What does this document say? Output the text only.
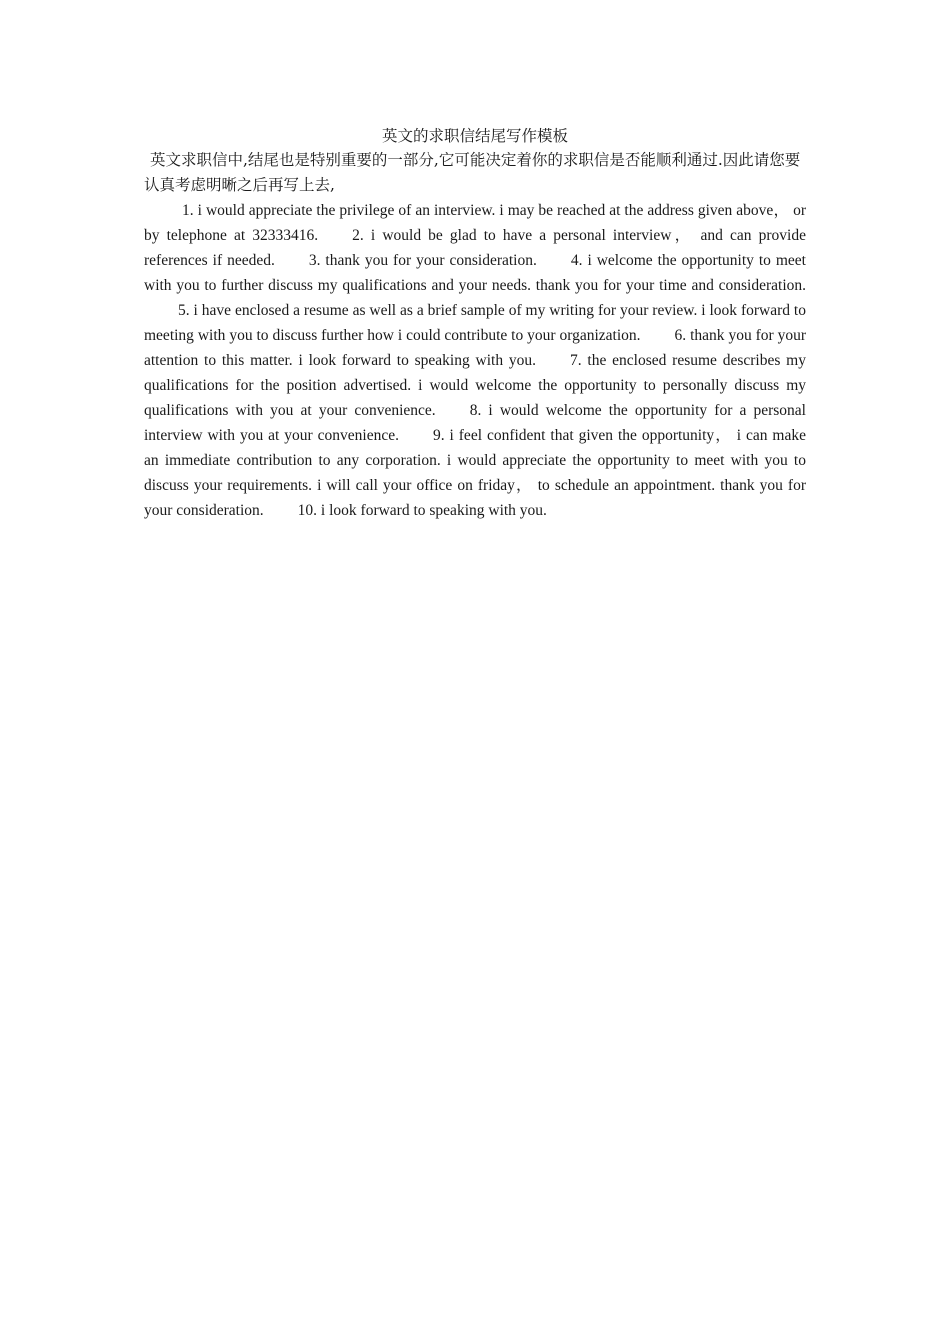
英文的求职信结尾写作模板

英文求职信中,结尾也是特别重要的一部分,它可能决定着你的求职信是否能顺利通过.因此请您要认真考虑明晰之后再写上去,

1. i would appreciate the privilege of an interview. i may be reached at the address given above， or by telephone at 32333416. 2. i would be glad to have a personal interview， and can provide references if needed. 3. thank you for your consideration. 4. i welcome the opportunity to meet with you to further discuss my qualifications and your needs. thank you for your time and consideration.5. i have enclosed a resume as well as a brief sample of my writing for your review. i look forward to meeting with you to discuss further how i could contribute to your organization. 6. thank you for your attention to this matter. i look forward to speaking with you. 7. the enclosed resume describes my qualifications for the position advertised. i would welcome the opportunity to personally discuss my qualifications with you at your convenience. 8. i would welcome the opportunity for a personal interview with you at your convenience. 9. i feel confident that given the opportunity， i can make an immediate contribution to any corporation. i would appreciate the opportunity to meet with you to discuss your requirements. i will call your office on friday， to schedule an appointment. thank you for your consideration. 10. i look forward to speaking with you.
